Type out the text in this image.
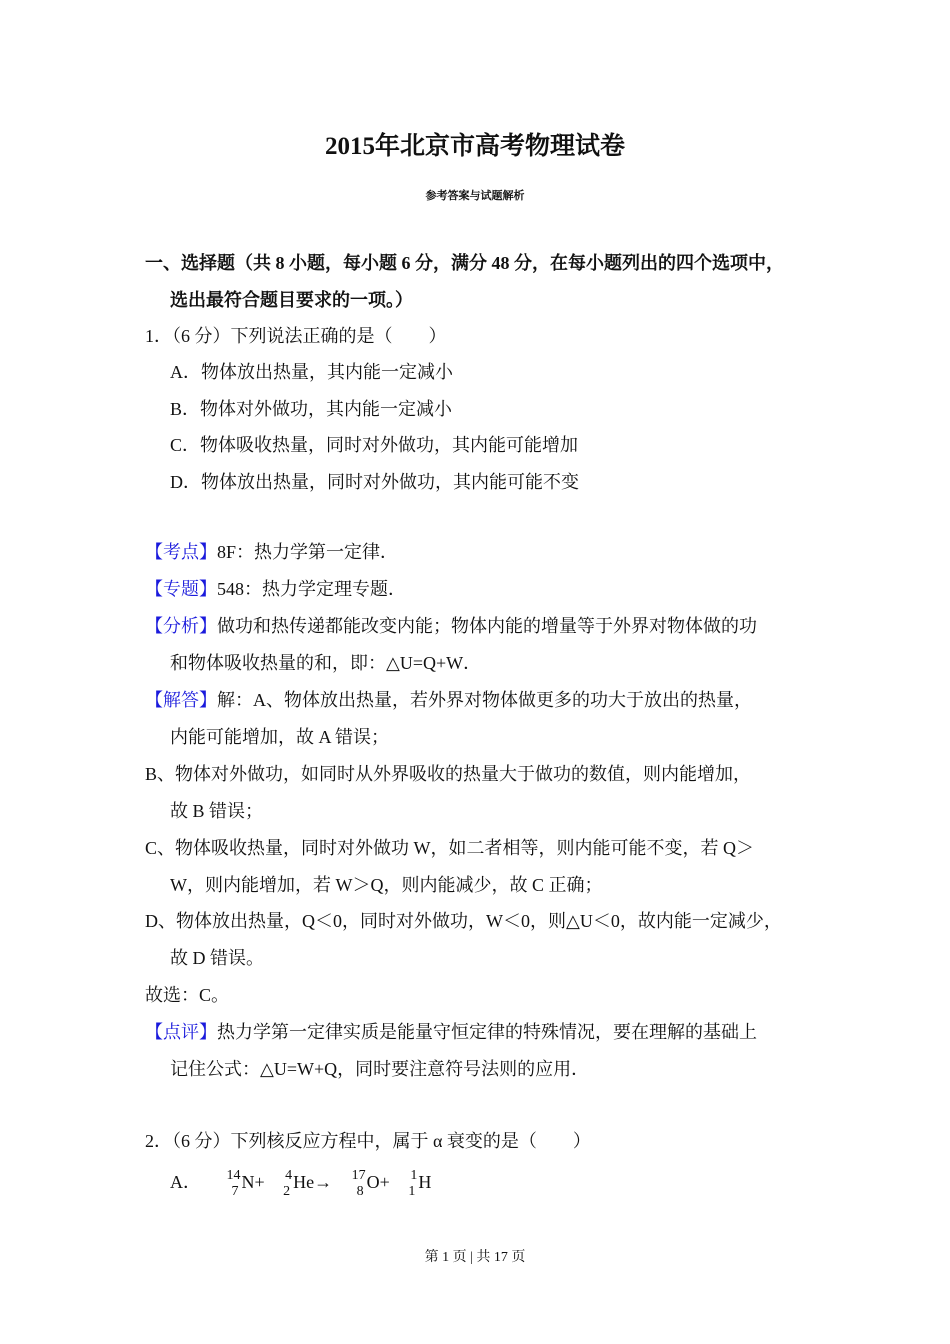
2015年北京市高考物理试卷
参考答案与试题解析
一、选择题（共 8 小题，每小题 6 分，满分 48 分，在每小题列出的四个选项中，
选出最符合题目要求的一项。）
1．（6 分）下列说法正确的是（　　）
A．物体放出热量，其内能一定减小
B．物体对外做功，其内能一定减小
C．物体吸收热量，同时对外做功，其内能可能增加
D．物体放出热量，同时对外做功，其内能可能不变
【考点】8F：热力学第一定律．
【专题】548：热力学定理专题．
【分析】做功和热传递都能改变内能；物体内能的增量等于外界对物体做的功
和物体吸收热量的和，即：△U=Q+W．
【解答】解：A、物体放出热量，若外界对物体做更多的功大于放出的热量，
内能可能增加，故 A 错误；
B、物体对外做功，如同时从外界吸收的热量大于做功的数值，则内能增加，
故 B 错误；
C、物体吸收热量，同时对外做功 W，如二者相等，则内能可能不变，若 Q＞
W，则内能增加，若 W＞Q，则内能减少，故 C 正确；
D、物体放出热量，Q＜0，同时对外做功，W＜0，则△U＜0，故内能一定减少，
故 D 错误。
故选：C。
【点评】热力学第一定律实质是能量守恒定律的特殊情况，要在理解的基础上
记住公式：△U=W+Q，同时要注意符号法则的应用．
2．（6 分）下列核反应方程中，属于 α 衰变的是（　　）
A． 14
7 N+ 4
2 He→ 17
8 O+ 1
1 H
第 1 页 | 共 17 页
